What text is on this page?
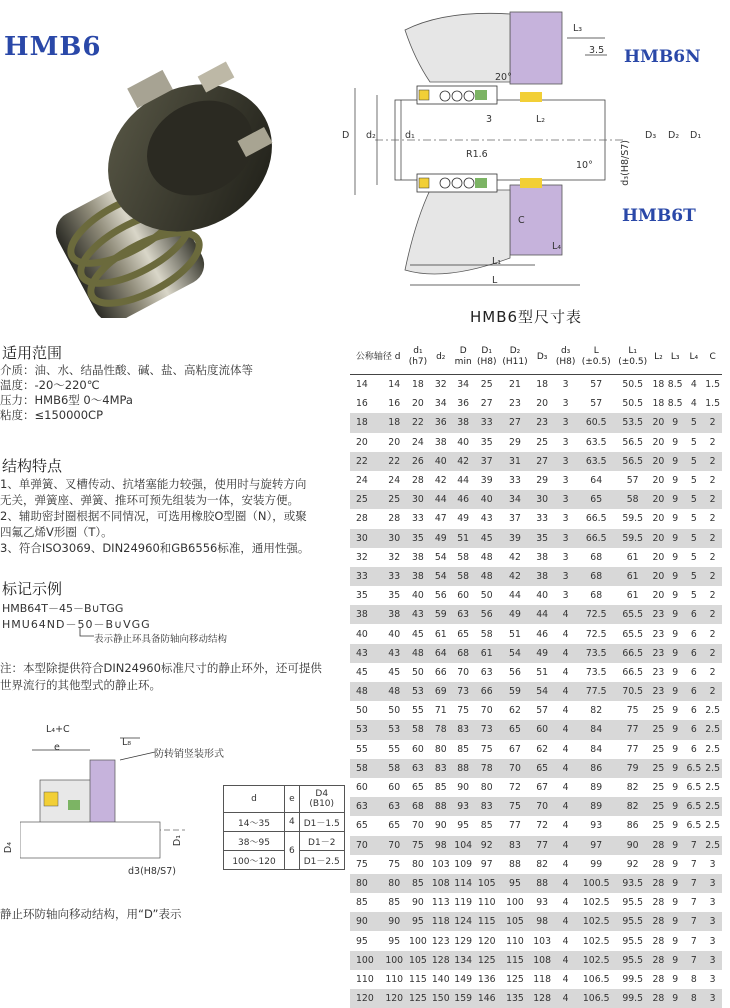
HMB6
L₃
3.5
20°
D d₂	d₁
3	L₂
d₃(H8/S7)
D₃ D₂ D₁
R1.6
10°
C
L₄
L₁
L
HMB6N
HMB6T
HMB6型尺寸表
适用范围
介质：油、水、结晶性酸、碱、盐、高粘度流体等
温度：-20～220℃
压力：HMB6型 0～4MPa
粘度：≤150000CP
结构特点
1、单弹簧、叉槽传动、抗堵塞能力较强，使用时与旋转方向
无关，弹簧座、弹簧、推环可预先组装为一体，安装方便。
2、辅助密封圈根据不同情况，可选用橡胶O型圈（N），或聚
四氟乙烯V形圈（T）。
3、符合ISO3069、DIN24960和GB6556标准，通用性强。
标记示例
HMB64T－45－B∪TGG
HMU64ND－50－B∪VGG
表示静止环具备防轴向移动结构
注：本型除提供符合DIN24960标准尺寸的静止环外，还可提供
世界流行的其他型式的静止环。
L₄+C
e	L₈
防转销竖装形式
D₄
D₁
d3(H8/S7)
d	e	D4
(B10)
14～35	4	D1－1.5
38～95	6	D1－2
100～120		D1－2.5
静止环防轴向移动结构，用“D”表示
公称轴径 d		d₁
(h7)	d₂	D
min	D₁
(H8)	D₂
(H11)	D₃	d₃
(H8)	L
(±0.5)	L₁
(±0.5)	L₂	L₃	L₄	C
14	14	18	32	34	25	21	18	3	57	50.5	18	8.5	4	1.5
16	16	20	34	36	27	23	20	3	57	50.5	18	8.5	4	1.5
18	18	22	36	38	33	27	23	3	60.5	53.5	20	9	5	2
20	20	24	38	40	35	29	25	3	63.5	56.5	20	9	5	2
22	22	26	40	42	37	31	27	3	63.5	56.5	20	9	5	2
24	24	28	42	44	39	33	29	3	64	57	20	9	5	2
25	25	30	44	46	40	34	30	3	65	58	20	9	5	2
28	28	33	47	49	43	37	33	3	66.5	59.5	20	9	5	2
30	30	35	49	51	45	39	35	3	66.5	59.5	20	9	5	2
32	32	38	54	58	48	42	38	3	68	61	20	9	5	2
33	33	38	54	58	48	42	38	3	68	61	20	9	5	2
35	35	40	56	60	50	44	40	3	68	61	20	9	5	2
38	38	43	59	63	56	49	44	4	72.5	65.5	23	9	6	2
40	40	45	61	65	58	51	46	4	72.5	65.5	23	9	6	2
43	43	48	64	68	61	54	49	4	73.5	66.5	23	9	6	2
45	45	50	66	70	63	56	51	4	73.5	66.5	23	9	6	2
48	48	53	69	73	66	59	54	4	77.5	70.5	23	9	6	2
50	50	55	71	75	70	62	57	4	82	75	25	9	6	2.5
53	53	58	78	83	73	65	60	4	84	77	25	9	6	2.5
55	55	60	80	85	75	67	62	4	84	77	25	9	6	2.5
58	58	63	83	88	78	70	65	4	86	79	25	9	6.5	2.5
60	60	65	85	90	80	72	67	4	89	82	25	9	6.5	2.5
63	63	68	88	93	83	75	70	4	89	82	25	9	6.5	2.5
65	65	70	90	95	85	77	72	4	93	86	25	9	6.5	2.5
70	70	75	98	104	92	83	77	4	97	90	28	9	7	2.5
75	75	80	103	109	97	88	82	4	99	92	28	9	7	3
80	80	85	108	114	105	95	88	4	100.5	93.5	28	9	7	3
85	85	90	113	119	110	100	93	4	102.5	95.5	28	9	7	3
90	90	95	118	124	115	105	98	4	102.5	95.5	28	9	7	3
95	95	100	123	129	120	110	103	4	102.5	95.5	28	9	7	3
100	100	105	128	134	125	115	108	4	102.5	95.5	28	9	7	3
110	110	115	140	149	136	125	118	4	106.5	99.5	28	9	8	3
120	120	125	150	159	146	135	128	4	106.5	99.5	28	9	8	3
